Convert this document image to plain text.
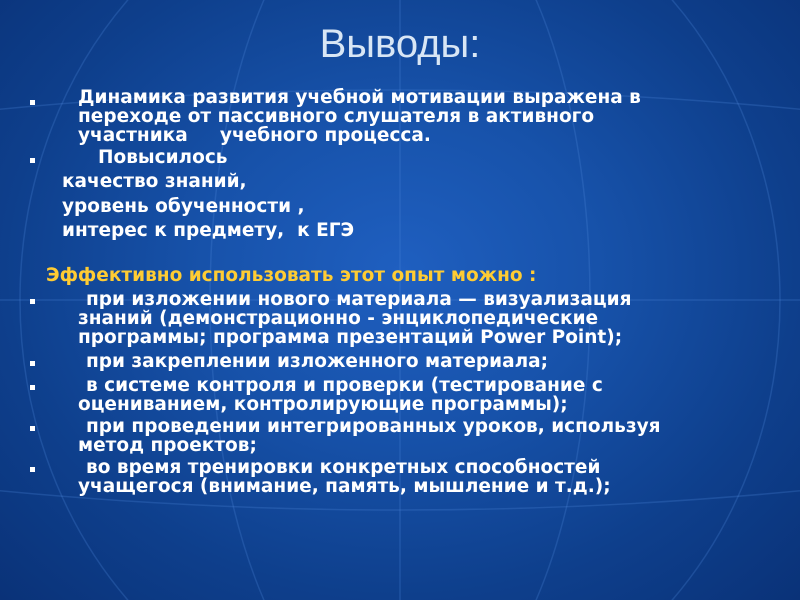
Выводы:
Динамика развития учебной мотивации выражена в
переходе от пассивного слушателя в активного
участника     учебного процесса.
Повысилось
качество знаний,
уровень обученности ,
интерес к предмету,  к ЕГЭ
Эффективно использовать этот опыт можно :
при изложении нового материала — визуализация
знаний (демонстрационно - энциклопедические
программы; программа презентаций Power Point);
при закреплении изложенного материала;
в системе контроля и проверки (тестирование с
оцениванием, контролирующие программы);
при проведении интегрированных уроков, используя
метод проектов;
во время тренировки конкретных способностей
учащегося (внимание, память, мышление и т.д.);
